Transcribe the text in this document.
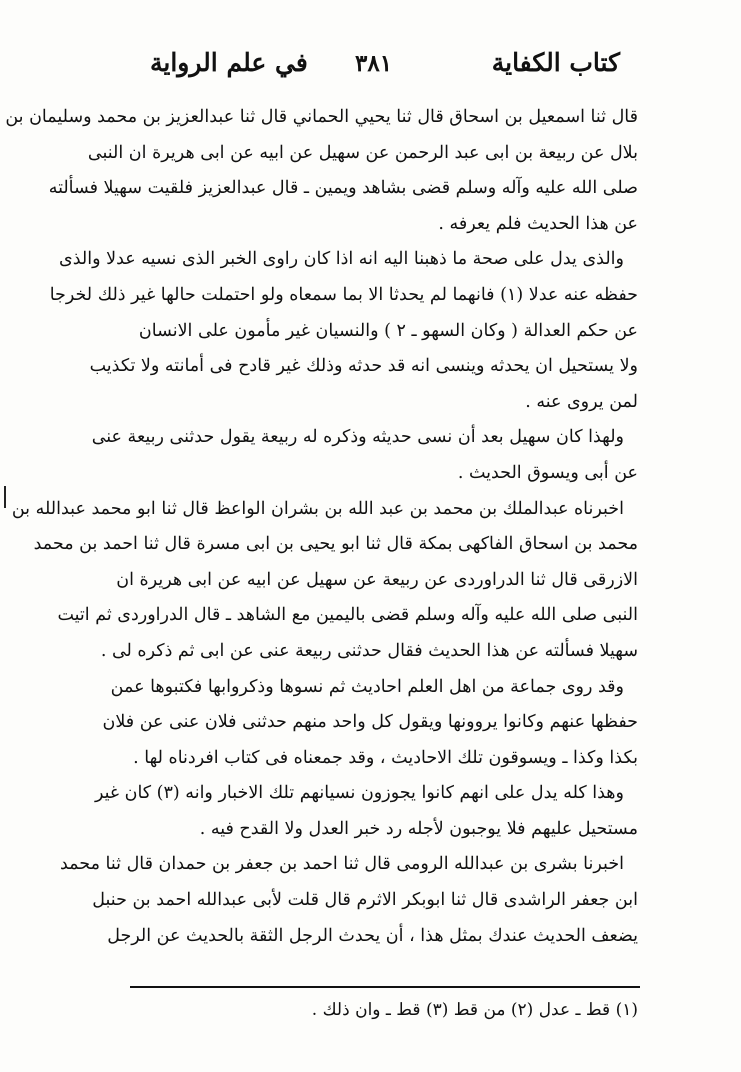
كتاب الكفاية
٣٨١
في علم الرواية
قال ثنا اسمعيل بن اسحاق قال ثنا يحيي الحماني قال ثنا عبدالعزيز بن محمد وسليمان بن
بلال عن ربيعة بن ابى عبد الرحمن عن سهيل عن ابيه عن ابى هريرة ان النبى
صلى الله عليه وآله وسلم قضى بشاهد ويمين ـ قال عبدالعزيز فلقيت سهيلا فسألته
عن هذا الحديث فلم يعرفه .
والذى يدل على صحة ما ذهبنا اليه انه اذا كان راوى الخبر الذى نسيه عدلا والذى
حفظه عنه عدلا (١) فانهما لم يحدثا الا بما سمعاه ولو احتملت حالها غير ذلك لخرجا
عن حكم العدالة ( وكان السهو ـ ٢ ) والنسيان غير مأمون على الانسان
ولا يستحيل ان يحدثه وينسى انه قد حدثه وذلك غير قادح فى أمانته ولا تكذيب
لمن يروى عنه .
ولهذا كان سهيل بعد أن نسى حديثه وذكره له ربيعة يقول حدثنى ربيعة عنى
عن أبى ويسوق الحديث .
اخبرناه عبدالملك بن محمد بن عبد الله بن بشران الواعظ قال ثنا ابو محمد عبدالله بن
محمد بن اسحاق الفاكهى بمكة قال ثنا ابو يحيى بن ابى مسرة قال ثنا احمد بن محمد
الازرقى قال ثنا الدراوردى عن ربيعة عن سهيل عن ابيه عن ابى هريرة ان
النبى صلى الله عليه وآله وسلم قضى باليمين مع الشاهد ـ قال الدراوردى ثم اتيت
سهيلا فسألته عن هذا الحديث فقال حدثنى ربيعة عنى عن ابى ثم ذكره لى .
وقد روى جماعة من اهل العلم احاديث ثم نسوها وذكروابها فكتبوها عمن
حفظها عنهم وكانوا يروونها ويقول كل واحد منهم حدثنى فلان عنى عن فلان
بكذا وكذا ـ ويسوقون تلك الاحاديث ، وقد جمعناه فى كتاب افردناه لها .
وهذا كله يدل على انهم كانوا يجوزون نسيانهم تلك الاخبار وانه (٣) كان غير
مستحيل عليهم فلا يوجبون لأجله رد خبر العدل ولا القدح فيه .
اخبرنا بشرى بن عبدالله الرومى قال ثنا احمد بن جعفر بن حمدان قال ثنا محمد
ابن جعفر الراشدى قال ثنا ابوبكر الاثرم قال قلت لأبى عبدالله احمد بن حنبل
يضعف الحديث عندك بمثل هذا ، أن يحدث الرجل الثقة بالحديث عن الرجل
(١) قط ـ عدل (٢) من قط (٣) قط ـ وان ذلك .
